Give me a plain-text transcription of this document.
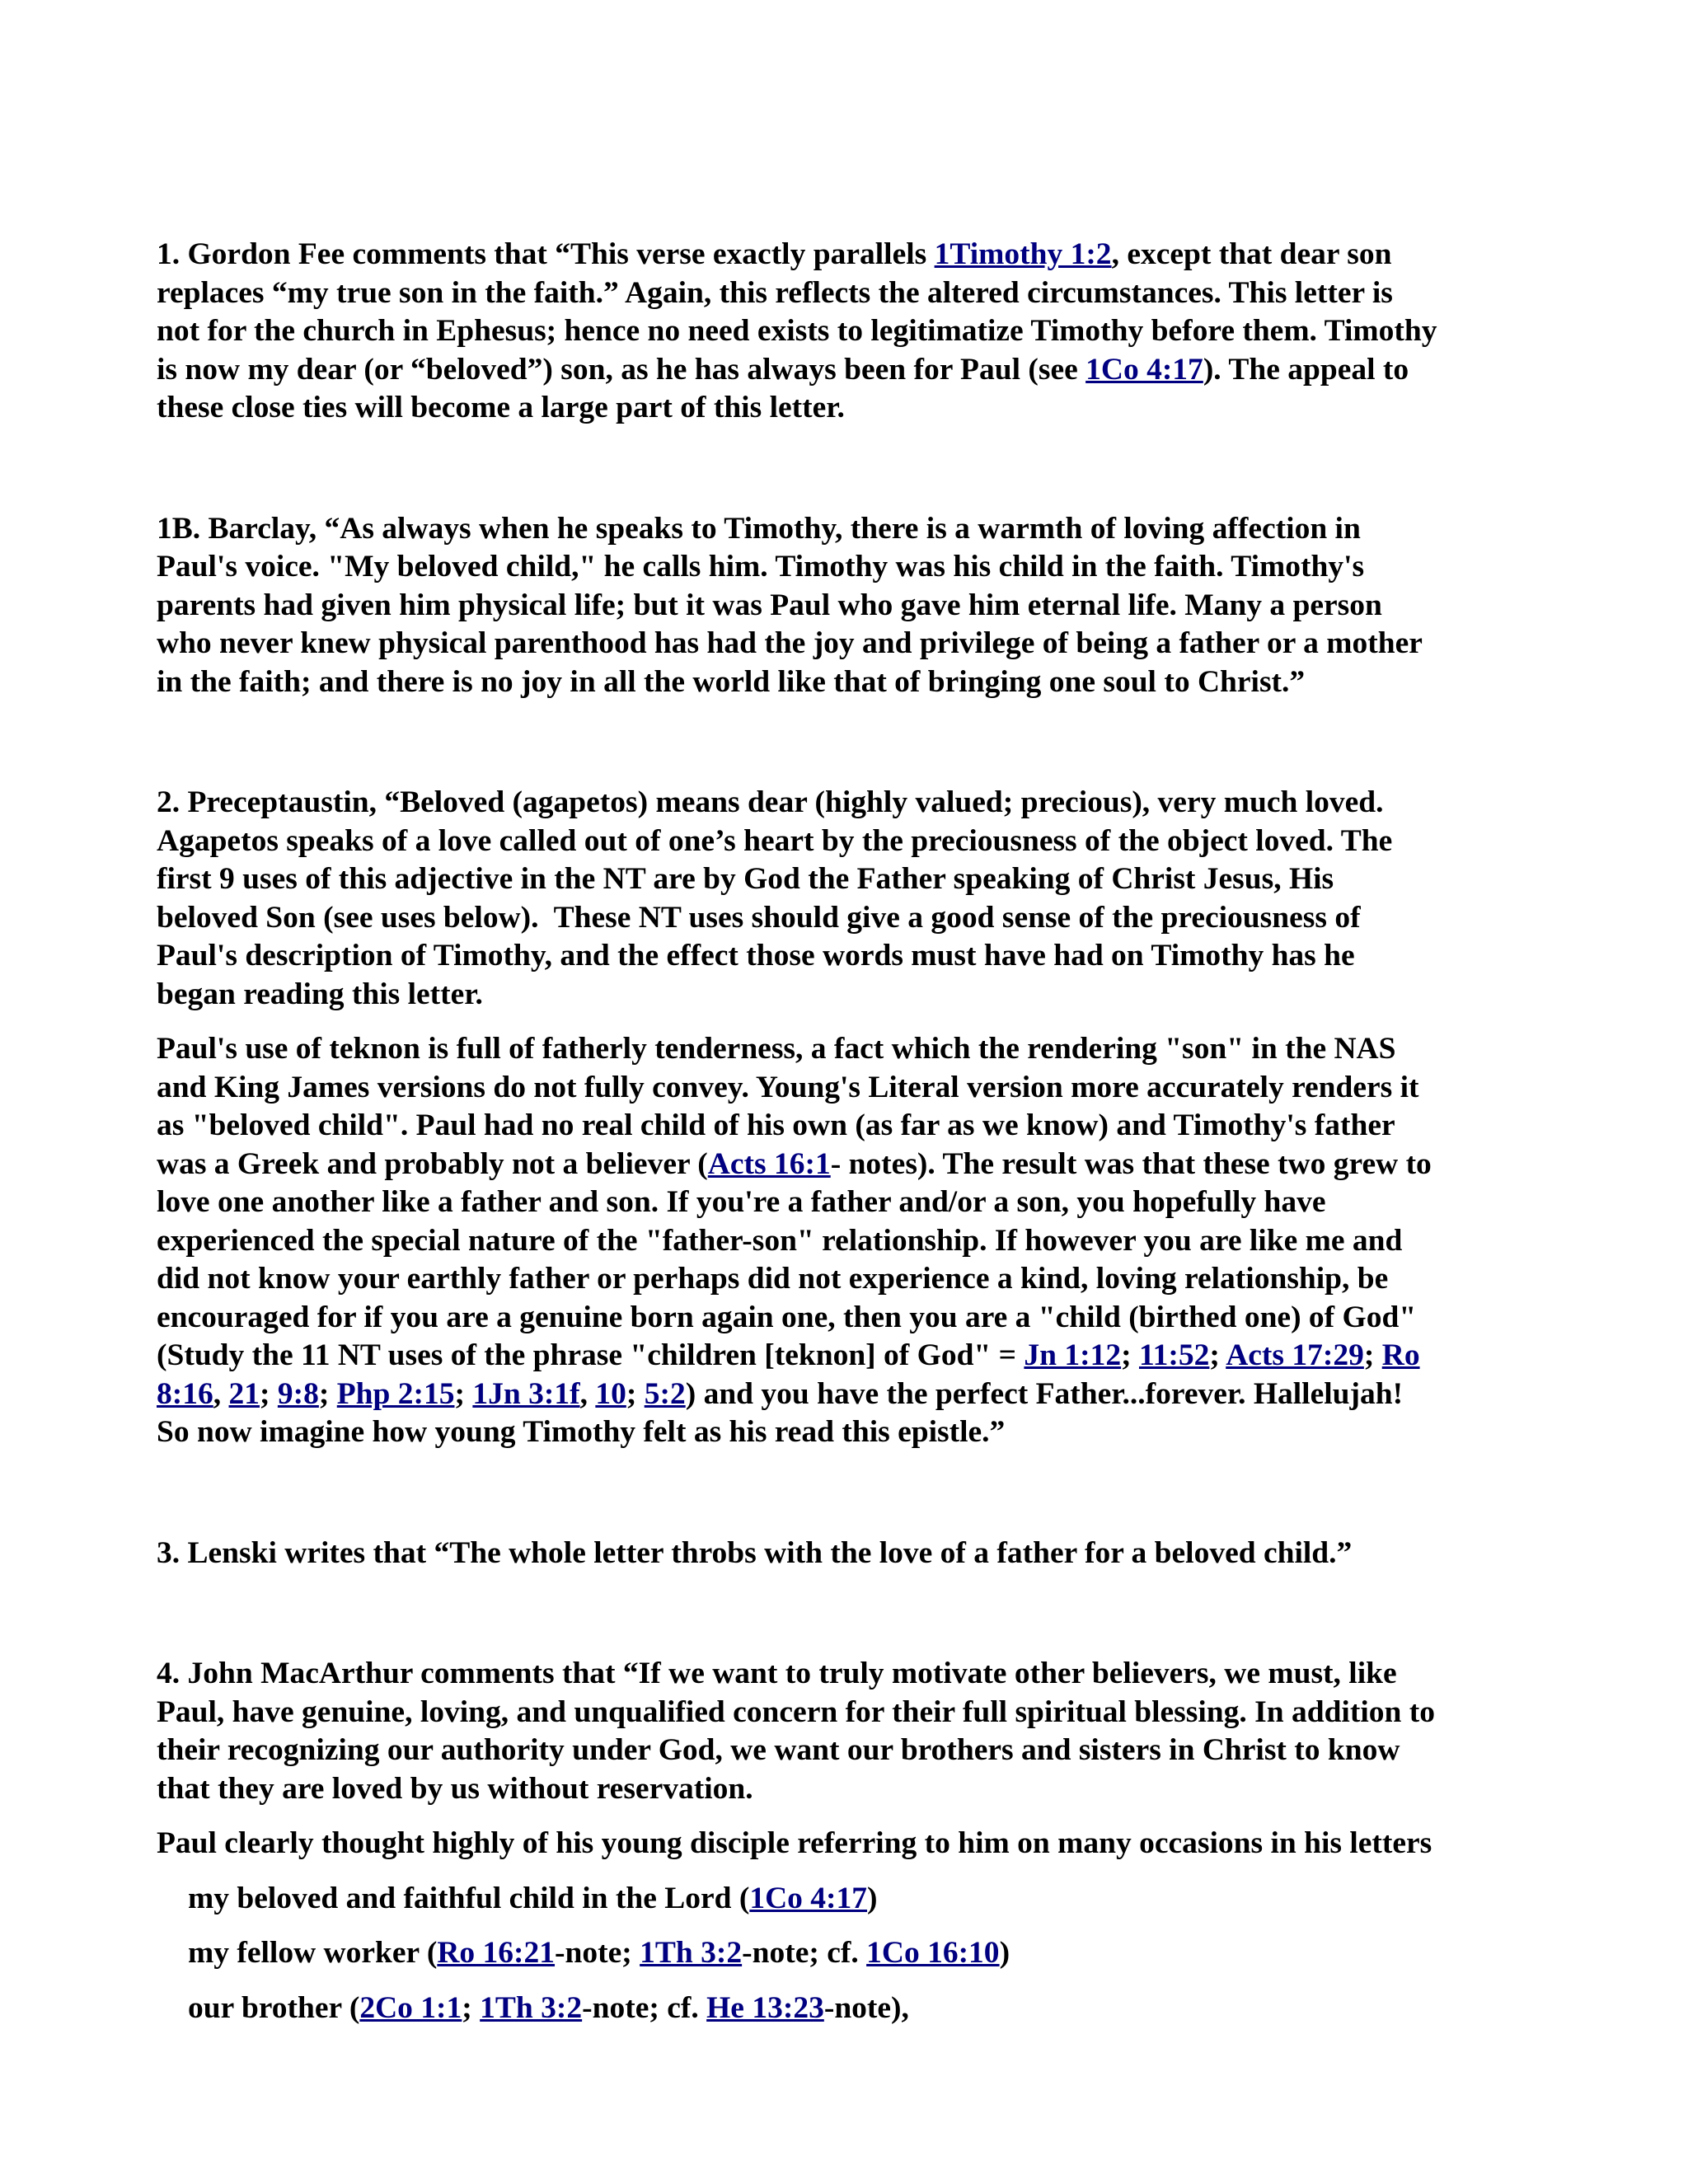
1. Gordon Fee comments that “This verse exactly parallels 1Timothy 1:2, except that dear son

replaces “my true son in the faith.” Again, this reflects the altered circumstances. This letter is

not for the church in Ephesus; hence no need exists to legitimatize Timothy before them. Timothy

is now my dear (or “beloved”) son, as he has always been for Paul (see 1Co 4:17). The appeal to

these close ties will become a large part of this letter.

1B. Barclay, “As always when he speaks to Timothy, there is a warmth of loving affection in

Paul's voice. "My beloved child," he calls him. Timothy was his child in the faith. Timothy's

parents had given him physical life; but it was Paul who gave him eternal life. Many a person

who never knew physical parenthood has had the joy and privilege of being a father or a mother

in the faith; and there is no joy in all the world like that of bringing one soul to Christ.”

2. Preceptaustin, “Beloved (agapetos) means dear (highly valued; precious), very much loved.

Agapetos speaks of a love called out of one’s heart by the preciousness of the object loved. The

first 9 uses of this adjective in the NT are by God the Father speaking of Christ Jesus, His

beloved Son (see uses below).  These NT uses should give a good sense of the preciousness of

Paul's description of Timothy, and the effect those words must have had on Timothy has he

began reading this letter.

Paul's use of teknon is full of fatherly tenderness, a fact which the rendering "son" in the NAS

and King James versions do not fully convey. Young's Literal version more accurately renders it

as "beloved child". Paul had no real child of his own (as far as we know) and Timothy's father

was a Greek and probably not a believer (Acts 16:1- notes). The result was that these two grew to

love one another like a father and son. If you're a father and/or a son, you hopefully have

experienced the special nature of the "father-son" relationship. If however you are like me and

did not know your earthly father or perhaps did not experience a kind, loving relationship, be

encouraged for if you are a genuine born again one, then you are a "child (birthed one) of God"

(Study the 11 NT uses of the phrase "children [teknon] of God" = Jn 1:12; 11:52; Acts 17:29; Ro

8:16, 21; 9:8; Php 2:15; 1Jn 3:1f, 10; 5:2) and you have the perfect Father...forever. Hallelujah!

So now imagine how young Timothy felt as his read this epistle.”

3. Lenski writes that “The whole letter throbs with the love of a father for a beloved child.”

4. John MacArthur comments that “If we want to truly motivate other believers, we must, like

Paul, have genuine, loving, and unqualified concern for their full spiritual blessing. In addition to

their recognizing our authority under God, we want our brothers and sisters in Christ to know

that they are loved by us without reservation.

Paul clearly thought highly of his young disciple referring to him on many occasions in his letters

my beloved and faithful child in the Lord (1Co 4:17)

my fellow worker (Ro 16:21-note; 1Th 3:2-note; cf. 1Co 16:10)

our brother (2Co 1:1; 1Th 3:2-note; cf. He 13:23-note),
